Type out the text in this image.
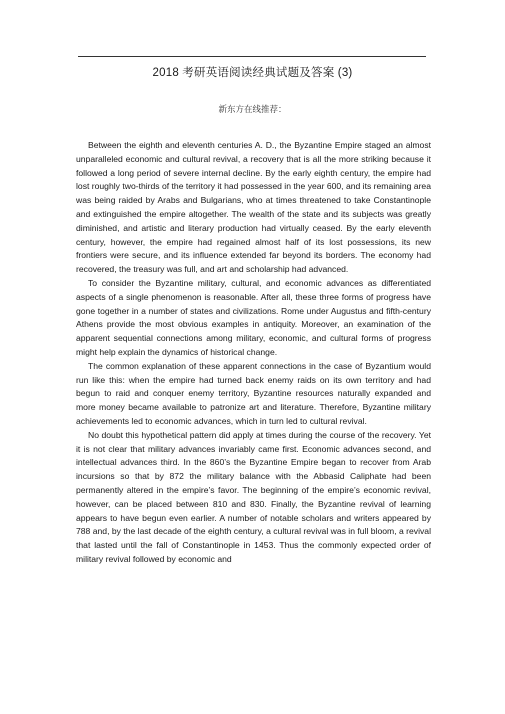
2018 考研英语阅读经典试题及答案 (3)
新东方在线推荐：

Between the eighth and eleventh centuries A. D., the Byzantine Empire staged an almost unparalleled economic and cultural revival, a recovery that is all the more striking because it followed a long period of severe internal decline. By the early eighth century, the empire had lost roughly two-thirds of the territory it had possessed in the year 600, and its remaining area was being raided by Arabs and Bulgarians, who at times threatened to take Constantinople and extinguished the empire altogether. The wealth of the state and its subjects was greatly diminished, and artistic and literary production had virtually ceased. By the early eleventh century, however, the empire had regained almost half of its lost possessions, its new frontiers were secure, and its influence extended far beyond its borders. The economy had recovered, the treasury was full, and art and scholarship had advanced.

To consider the Byzantine military, cultural, and economic advances as differentiated aspects of a single phenomenon is reasonable. After all, these three forms of progress have gone together in a number of states and civilizations. Rome under Augustus and fifth-century Athens provide the most obvious examples in antiquity. Moreover, an examination of the apparent sequential connections among military, economic, and cultural forms of progress might help explain the dynamics of historical change.

The common explanation of these apparent connections in the case of Byzantium would run like this: when the empire had turned back enemy raids on its own territory and had begun to raid and conquer enemy territory, Byzantine resources naturally expanded and more money became available to patronize art and literature. Therefore, Byzantine military achievements led to economic advances, which in turn led to cultural revival.

No doubt this hypothetical pattern did apply at times during the course of the recovery. Yet it is not clear that military advances invariably came first. Economic advances second, and intellectual advances third. In the 860’s the Byzantine Empire began to recover from Arab incursions so that by 872 the military balance with the Abbasid Caliphate had been permanently altered in the empire’s favor. The beginning of the empire’s economic revival, however, can be placed between 810 and 830. Finally, the Byzantine revival of learning appears to have begun even earlier. A number of notable scholars and writers appeared by 788 and, by the last decade of the eighth century, a cultural revival was in full bloom, a revival that lasted until the fall of Constantinople in 1453. Thus the commonly expected order of military revival followed by economic and
